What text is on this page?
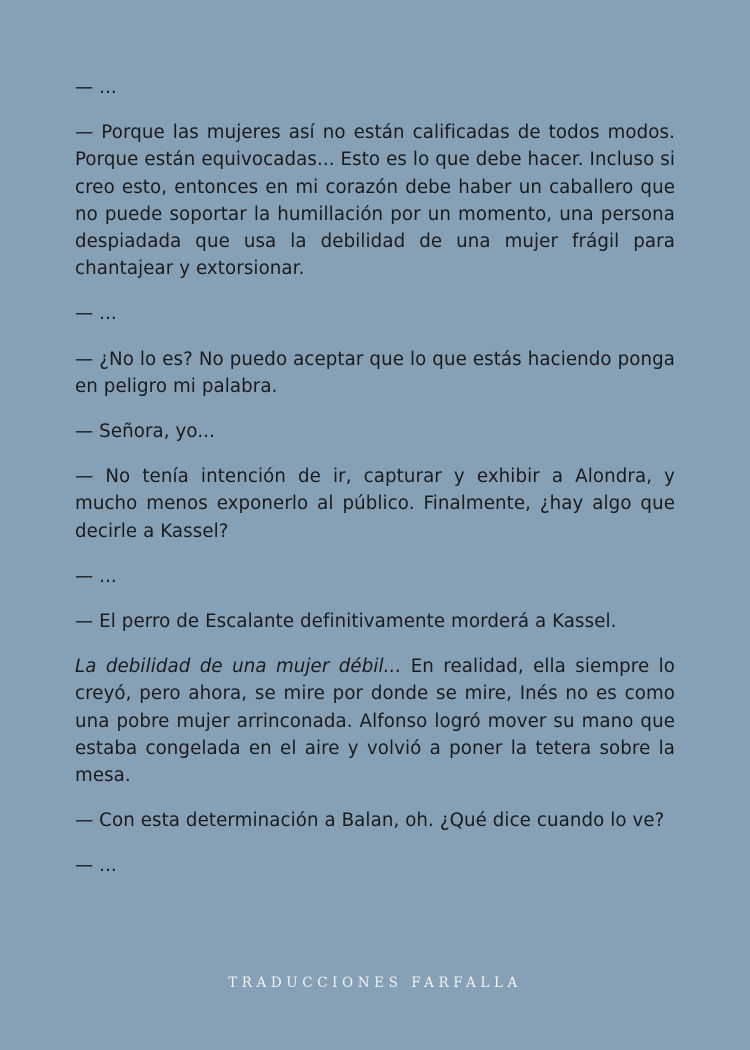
— ...

— Porque las mujeres así no están calificadas de todos modos. Porque están equivocadas... Esto es lo que debe hacer. Incluso si creo esto, entonces en mi corazón debe haber un caballero que no puede soportar la humillación por un momento, una persona despiadada que usa la debilidad de una mujer frágil para chantajear y extorsionar.

— ...

— ¿No lo es? No puedo aceptar que lo que estás haciendo ponga en peligro mi palabra.

— Señora, yo...

— No tenía intención de ir, capturar y exhibir a Alondra, y mucho menos exponerlo al público. Finalmente, ¿hay algo que decirle a Kassel?

— ...

— El perro de Escalante definitivamente morderá a Kassel.

La debilidad de una mujer débil... En realidad, ella siempre lo creyó, pero ahora, se mire por donde se mire, Inés no es como una pobre mujer arrinconada. Alfonso logró mover su mano que estaba congelada en el aire y volvió a poner la tetera sobre la mesa.

— Con esta determinación a Balan, oh. ¿Qué dice cuando lo ve?

— ...

TRADUCCIONES FARFALLA
